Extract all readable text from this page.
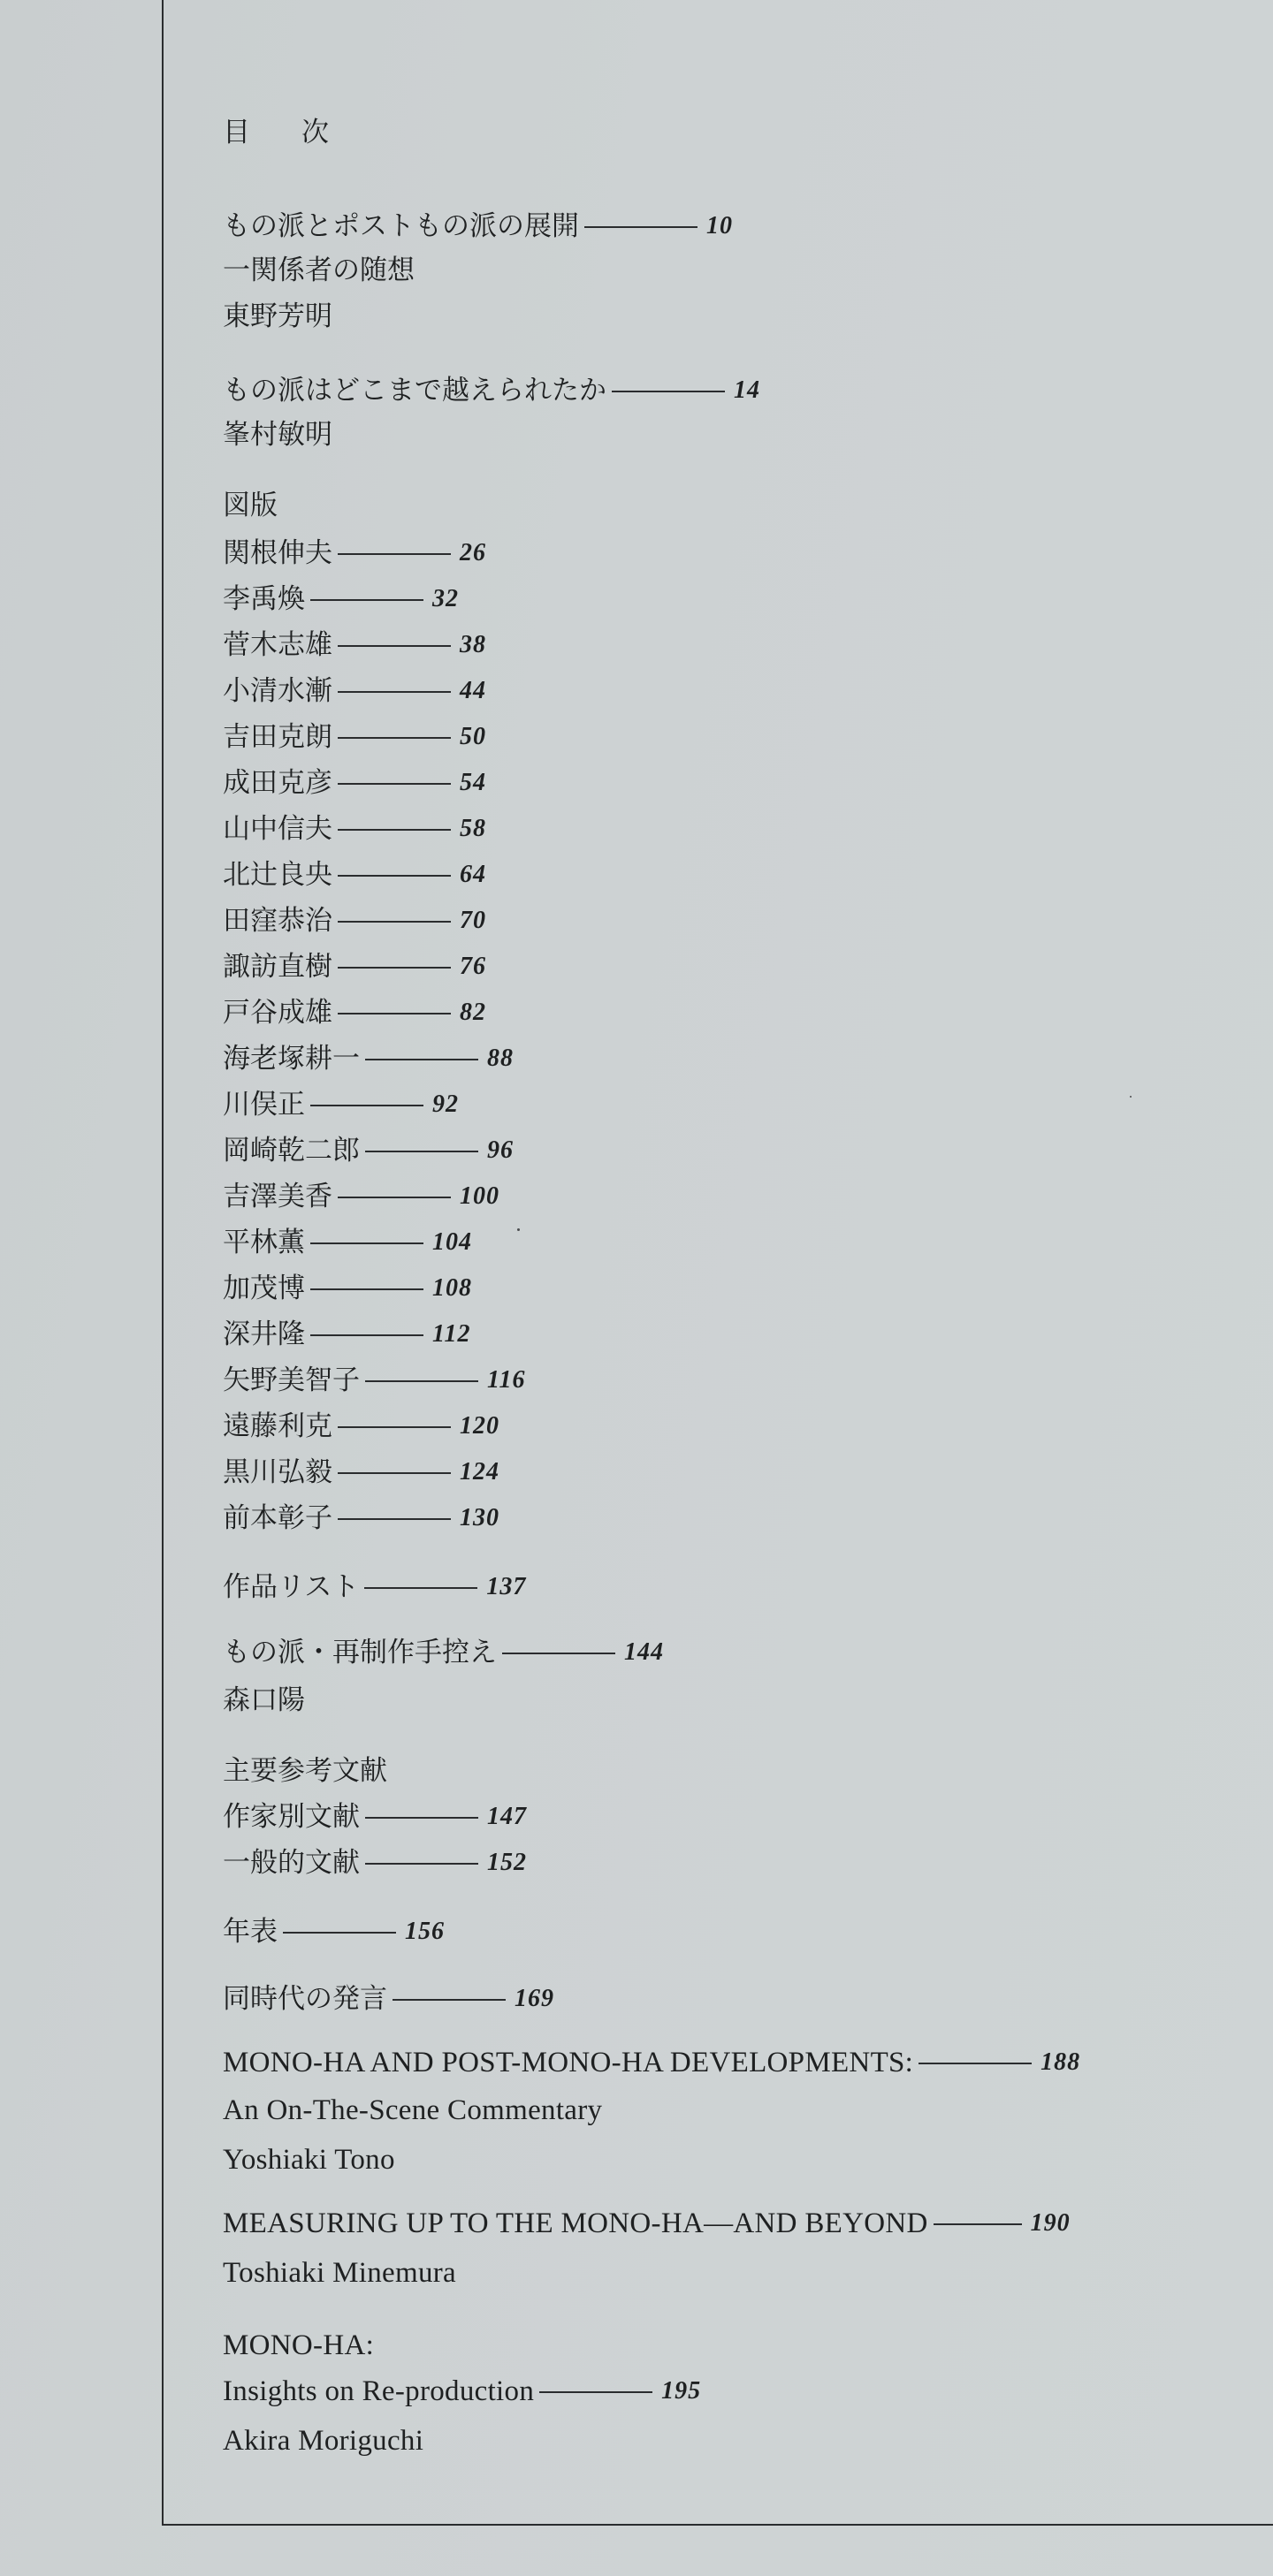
目次
もの派とポストもの派の展開	10
一関係者の随想
東野芳明
もの派はどこまで越えられたか	14
峯村敏明
図版
関根伸夫	26
李禹煥	32
菅木志雄	38
小清水漸	44
吉田克朗	50
成田克彦	54
山中信夫	58
北辻良央	64
田窪恭治	70
諏訪直樹	76
戸谷成雄	82
海老塚耕一	88
川俣正	92
岡崎乾二郎	96
吉澤美香	100
平林薫	104
加茂博	108
深井隆	112
矢野美智子	116
遠藤利克	120
黒川弘毅	124
前本彰子	130
作品リスト	137
もの派・再制作手控え	144
森口陽
主要参考文献
作家別文献	147
一般的文献	152
年表	156
同時代の発言	169
MONO-HA AND POST-MONO-HA DEVELOPMENTS:	188
An On-The-Scene Commentary
Yoshiaki Tono
MEASURING UP TO THE MONO-HA—AND BEYOND	190
Toshiaki Minemura
MONO-HA:
Insights on Re-production	195
Akira Moriguchi
